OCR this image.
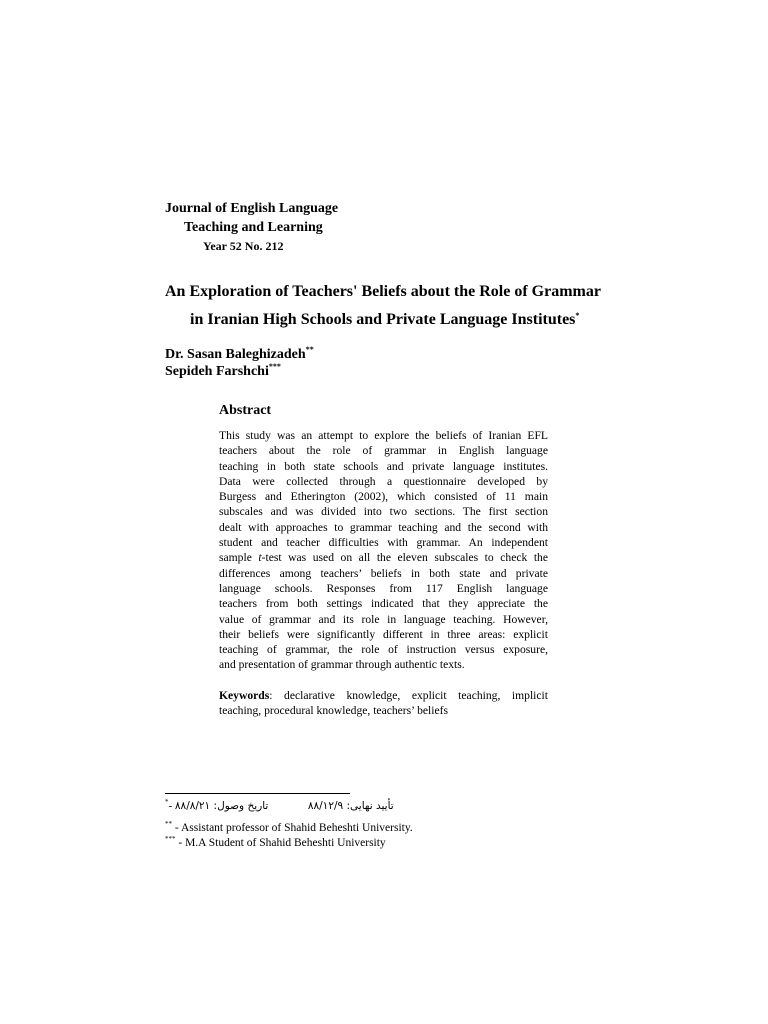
Journal of English Language
Teaching and Learning
Year 52 No. 212
An Exploration of Teachers' Beliefs about the Role of Grammar
in Iranian High Schools and Private Language Institutes*
Dr. Sasan Baleghizadeh**
Sepideh Farshchi***
Abstract
This study was an attempt to explore the beliefs of Iranian EFL
teachers about the role of grammar in English language
teaching in both state schools and private language institutes.
Data were collected through a questionnaire developed by
Burgess and Etherington (2002), which consisted of 11 main
subscales and was divided into two sections. The first section
dealt with approaches to grammar teaching and the second with
student and teacher difficulties with grammar. An independent
sample t-test was used on all the eleven subscales to check the
differences among teachers’ beliefs in both state and private
language schools. Responses from 117 English language
teachers from both settings indicated that they appreciate the
value of grammar and its role in language teaching. However,
their beliefs were significantly different in three areas: explicit
teaching of grammar, the role of instruction versus exposure,
and presentation of grammar through authentic texts.
Keywords: declarative knowledge, explicit teaching, implicit
teaching, procedural knowledge, teachers’ beliefs
*- تاریخ وصول: ۸۸/۸/۲۱	تأیید نهایی: ۸۸/۱۲/۹
** - Assistant professor of Shahid Beheshti University.
*** - M.A Student of Shahid Beheshti University
